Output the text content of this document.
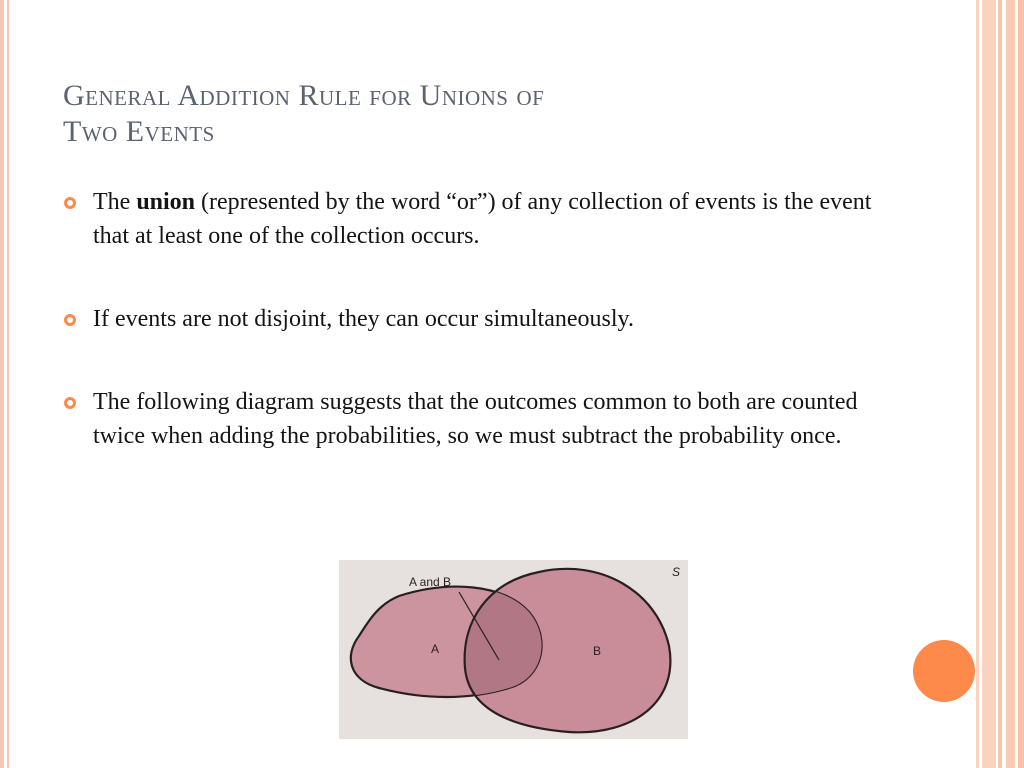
General Addition Rule for Unions of
Two Events
The union (represented by the word “or”) of any collection of events is the event that at least one of the collection occurs.
If events are not disjoint, they can occur simultaneously.
The following diagram suggests that the outcomes common to both are counted twice when adding the probabilities, so we must subtract the probability once.
A and B
A	B
S
